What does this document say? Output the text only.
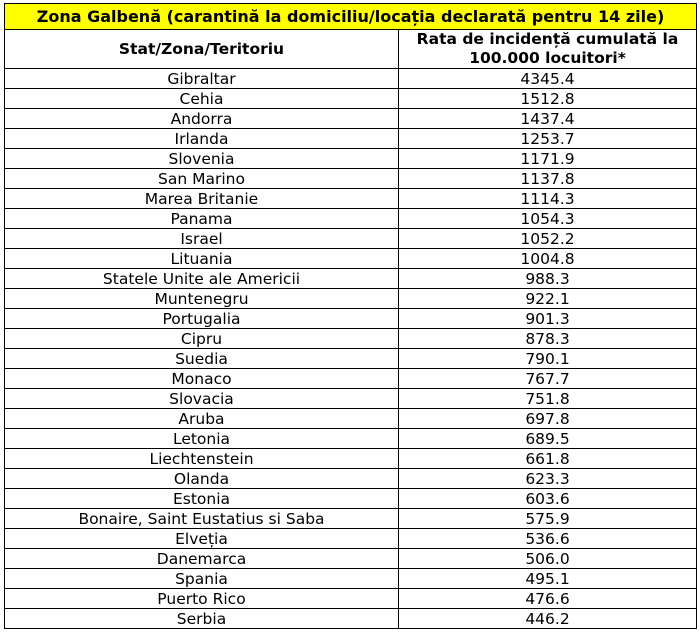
Zona Galbenă (carantină la domiciliu/locația declarată pentru 14 zile)	
Stat/Zona/Teritoriu	Rata de incidență cumulată la
100.000 locuitori*
Gibraltar	4345.4
Cehia	1512.8
Andorra	1437.4
Irlanda	1253.7
Slovenia	1171.9
San Marino	1137.8
Marea Britanie	1114.3
Panama	1054.3
Israel	1052.2
Lituania	1004.8
Statele Unite ale Americii	988.3
Muntenegru	922.1
Portugalia	901.3
Cipru	878.3
Suedia	790.1
Monaco	767.7
Slovacia	751.8
Aruba	697.8
Letonia	689.5
Liechtenstein	661.8
Olanda	623.3
Estonia	603.6
Bonaire, Saint Eustatius si Saba	575.9
Elveția	536.6
Danemarca	506.0
Spania	495.1
Puerto Rico	476.6
Serbia	446.2
